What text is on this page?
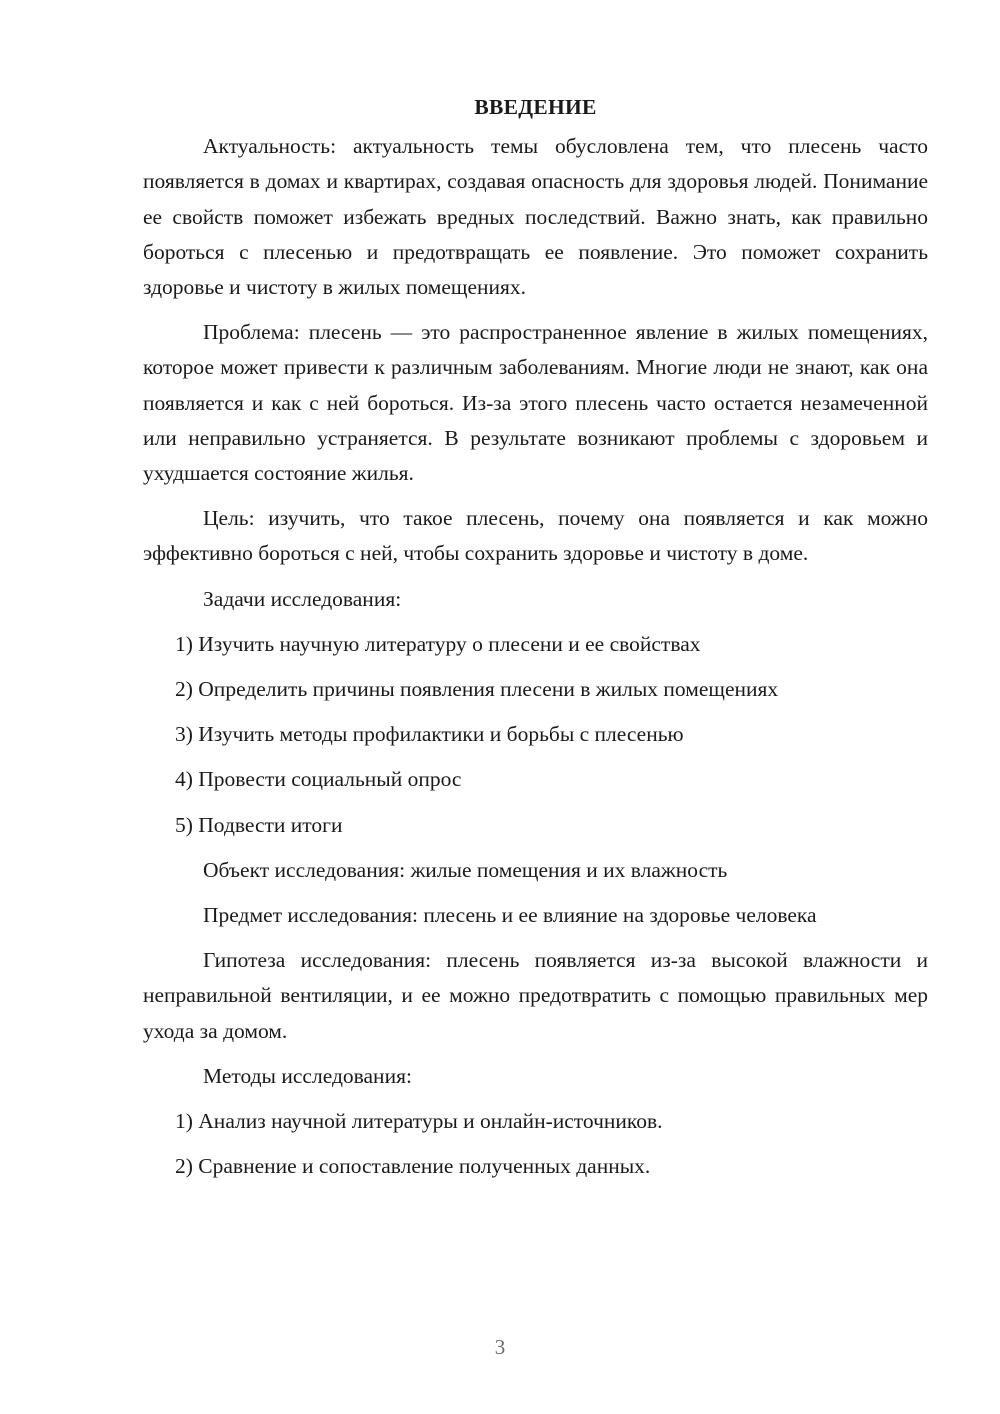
ВВЕДЕНИЕ

Актуальность: актуальность темы обусловлена тем, что плесень часто появляется в домах и квартирах, создавая опасность для здоровья людей. Понимание ее свойств поможет избежать вредных последствий. Важно знать, как правильно бороться с плесенью и предотвращать ее появление. Это поможет сохранить здоровье и чистоту в жилых помещениях.

Проблема: плесень — это распространенное явление в жилых помещениях, которое может привести к различным заболеваниям. Многие люди не знают, как она появляется и как с ней бороться. Из-за этого плесень часто остается незамеченной или неправильно устраняется. В результате возникают проблемы с здоровьем и ухудшается состояние жилья.

Цель: изучить, что такое плесень, почему она появляется и как можно эффективно бороться с ней, чтобы сохранить здоровье и чистоту в доме.

Задачи исследования:

1) Изучить научную литературу о плесени и ее свойствах
2) Определить причины появления плесени в жилых помещениях
3) Изучить методы профилактики и борьбы с плесенью
4) Провести социальный опрос
5) Подвести итоги

Объект исследования: жилые помещения и их влажность

Предмет исследования: плесень и ее влияние на здоровье человека

Гипотеза исследования: плесень появляется из-за высокой влажности и неправильной вентиляции, и ее можно предотвратить с помощью правильных мер ухода за домом.

Методы исследования:

1) Анализ научной литературы и онлайн-источников.
2) Сравнение и сопоставление полученных данных.
3
